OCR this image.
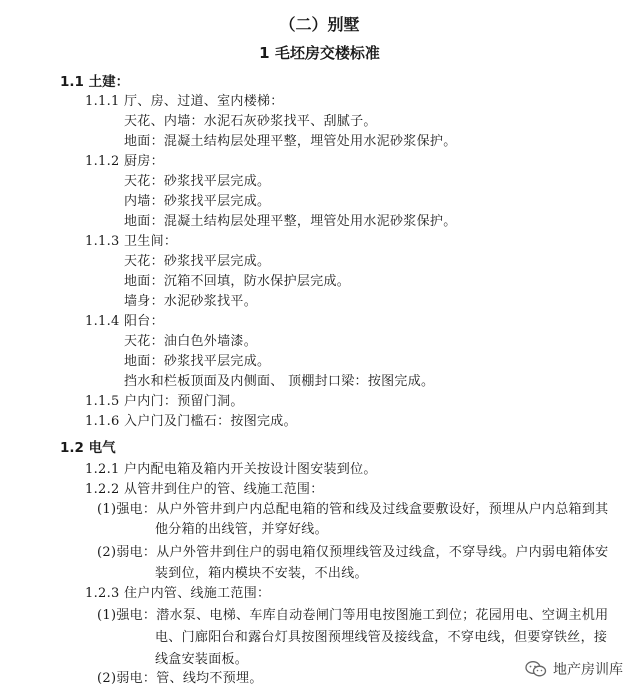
（二）别墅
1 毛坯房交楼标准
1.1 土建：
1.1.1 厅、房、过道、室内楼梯：
天花、内墙：水泥石灰砂浆找平、刮腻子。
地面：混凝土结构层处理平整，埋管处用水泥砂浆保护。
1.1.2 厨房：
天花：砂浆找平层完成。
内墙：砂浆找平层完成。
地面：混凝土结构层处理平整，埋管处用水泥砂浆保护。
1.1.3 卫生间：
天花：砂浆找平层完成。
地面：沉箱不回填，防水保护层完成。
墙身：水泥砂浆找平。
1.1.4 阳台：
天花：油白色外墙漆。
地面：砂浆找平层完成。
挡水和栏板顶面及内侧面、 顶棚封口梁：按图完成。
1.1.5 户内门：预留门洞。
1.1.6 入户门及门槛石：按图完成。
1.2 电气
1.2.1 户内配电箱及箱内开关按设计图安装到位。
1.2.2 从管井到住户的管、线施工范围：
(1)强电：从户外管井到户内总配电箱的管和线及过线盒要敷设好，预埋从户内总箱到其
他分箱的出线管，并穿好线。
(2)弱电：从户外管井到住户的弱电箱仅预埋线管及过线盒，不穿导线。户内弱电箱体安
装到位，箱内模块不安装，不出线。
1.2.3 住户内管、线施工范围：
(1)强电：潜水泵、电梯、车库自动卷闸门等用电按图施工到位；花园用电、空调主机用
电、门廊阳台和露台灯具按图预埋线管及接线盒，不穿电线，但要穿铁丝，接
线盒安装面板。
(2)弱电：管、线均不预埋。
地产房训库
